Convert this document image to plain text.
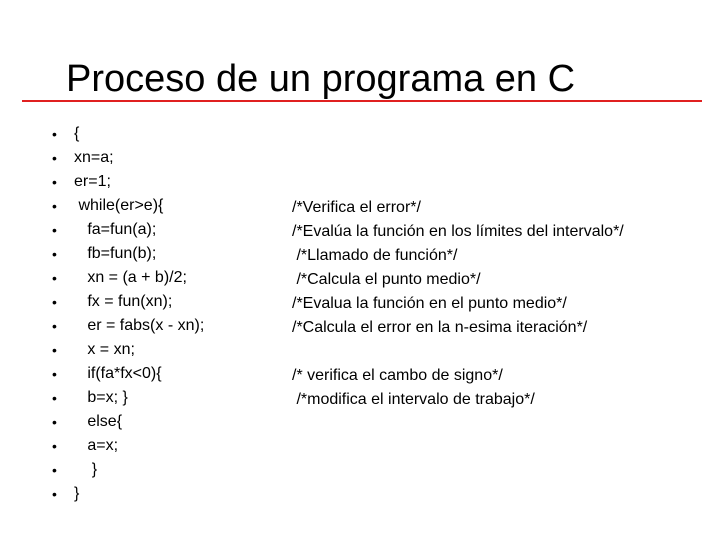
Proceso de un programa en C
•	{
•	xn=a;
•	er=1;
•	while(er>e){
•	fa=fun(a);
•	fb=fun(b);
•	xn = (a + b)/2;
•	fx = fun(xn);
•	er = fabs(x - xn);
•	x = xn;
•	if(fa*fx<0){
•	b=x; }
•	else{
•	a=x;
•	}
•	}
/*Verifica el error*/
/*Evalúa la función en los límites del intervalo*/
/*Llamado de función*/
/*Calcula el punto medio*/
/*Evalua la función en el punto medio*/
/*Calcula el error en la n-esima iteración*/
/* verifica el cambo de signo*/
/*modifica el intervalo de trabajo*/
